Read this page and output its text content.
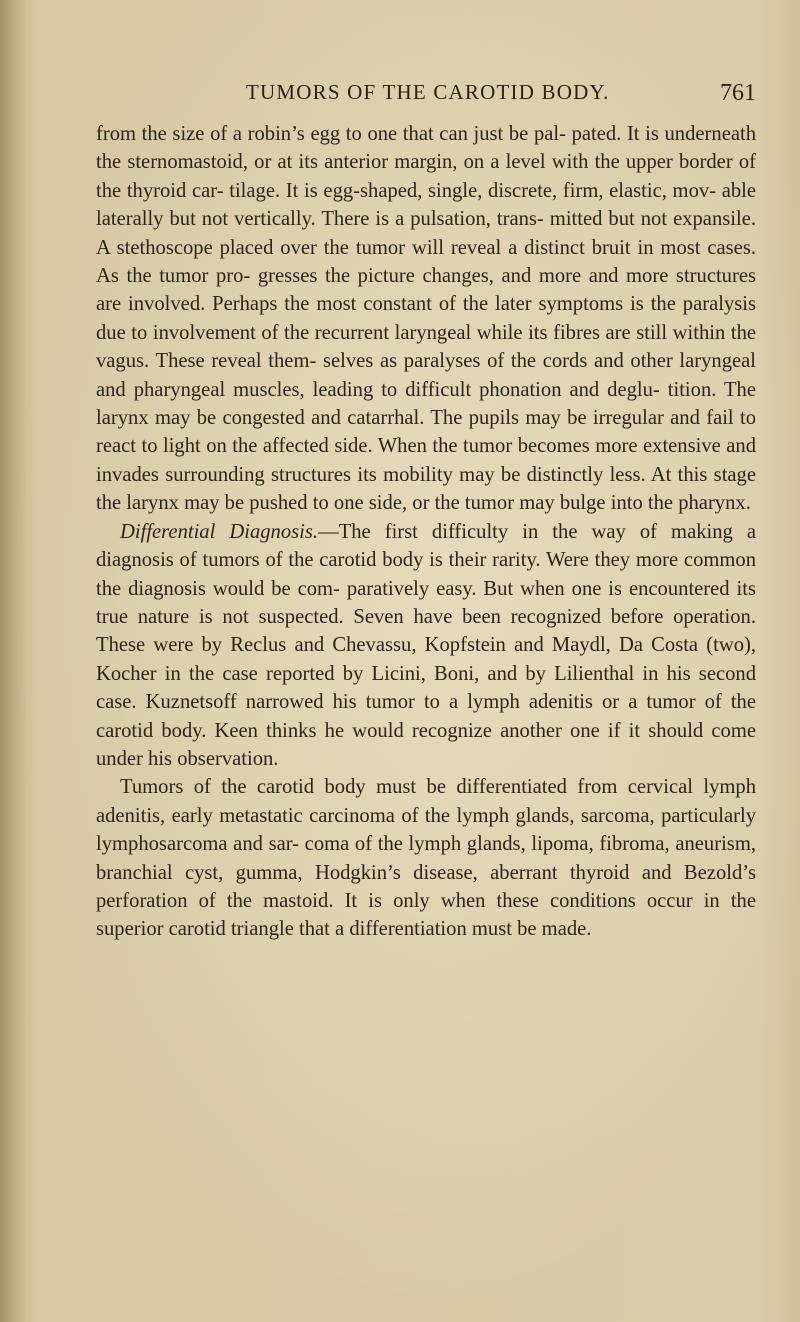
TUMORS OF THE CAROTID BODY.	761

from the size of a robin’s egg to one that can just be pal- pated. It is underneath the sternomastoid, or at its anterior margin, on a level with the upper border of the thyroid car- tilage. It is egg-shaped, single, discrete, firm, elastic, mov- able laterally but not vertically. There is a pulsation, trans- mitted but not expansile. A stethoscope placed over the tumor will reveal a distinct bruit in most cases. As the tumor pro- gresses the picture changes, and more and more structures are involved. Perhaps the most constant of the later symptoms is the paralysis due to involvement of the recurrent laryngeal while its fibres are still within the vagus. These reveal them- selves as paralyses of the cords and other laryngeal and pharyngeal muscles, leading to difficult phonation and deglu- tition. The larynx may be congested and catarrhal. The pupils may be irregular and fail to react to light on the affected side. When the tumor becomes more extensive and invades surrounding structures its mobility may be distinctly less. At this stage the larynx may be pushed to one side, or the tumor may bulge into the pharynx.

Differential Diagnosis.—The first difficulty in the way of making a diagnosis of tumors of the carotid body is their rarity. Were they more common the diagnosis would be com- paratively easy. But when one is encountered its true nature is not suspected. Seven have been recognized before operation. These were by Reclus and Chevassu, Kopfstein and Maydl, Da Costa (two), Kocher in the case reported by Licini, Boni, and by Lilienthal in his second case. Kuznetsoff narrowed his tumor to a lymph adenitis or a tumor of the carotid body. Keen thinks he would recognize another one if it should come under his observation.

Tumors of the carotid body must be differentiated from cervical lymph adenitis, early metastatic carcinoma of the lymph glands, sarcoma, particularly lymphosarcoma and sar- coma of the lymph glands, lipoma, fibroma, aneurism, branchial cyst, gumma, Hodgkin’s disease, aberrant thyroid and Bezold’s perforation of the mastoid. It is only when these conditions occur in the superior carotid triangle that a differentiation must be made.
